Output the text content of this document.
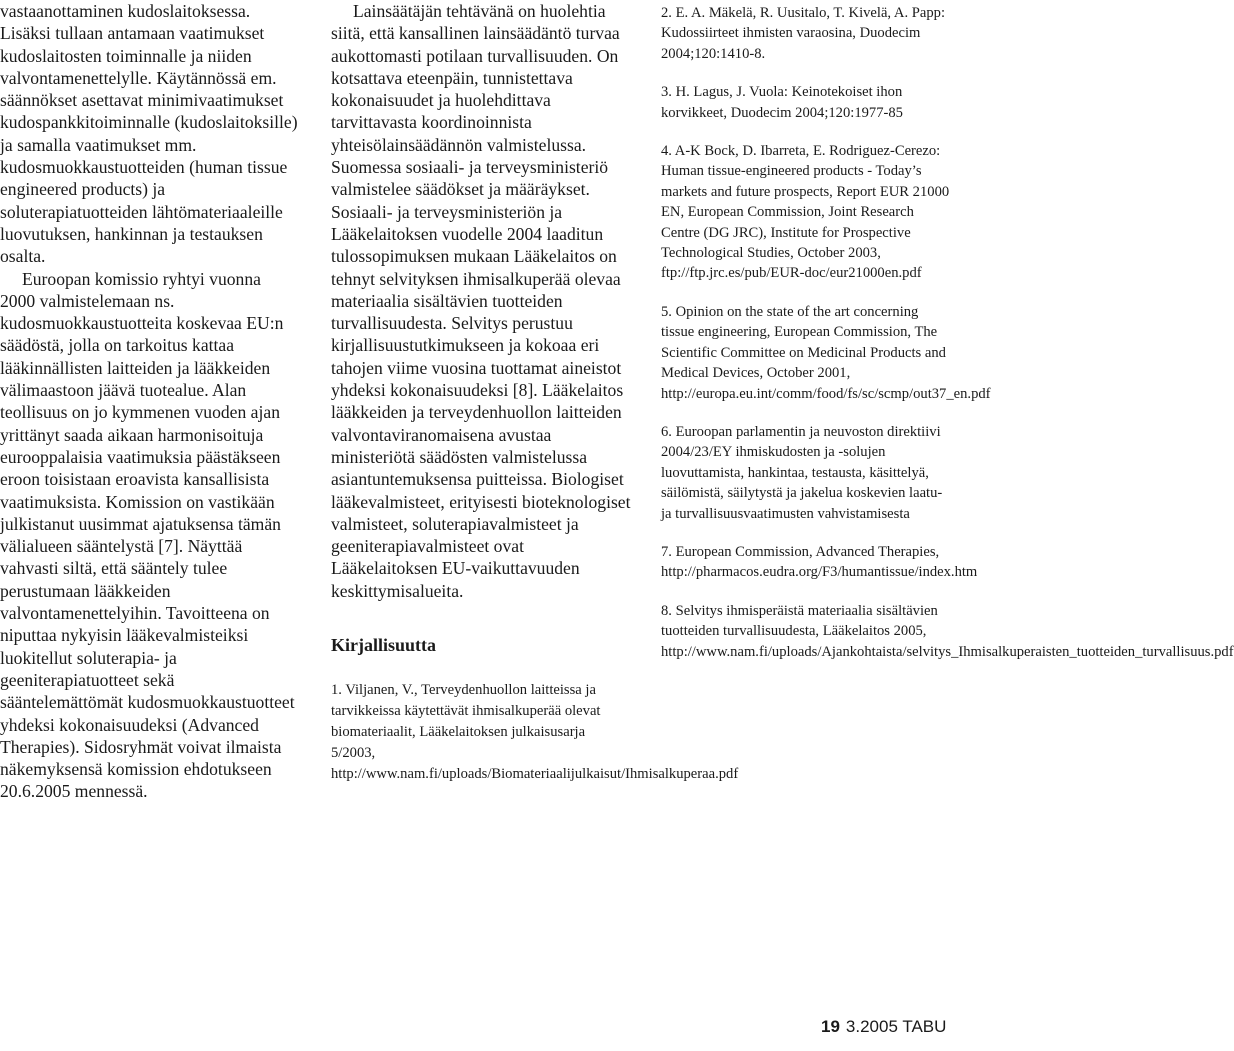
vastaanottaminen kudoslaitoksessa. Lisäksi tullaan antamaan vaatimukset kudoslaitosten toiminnalle ja niiden valvontamenettelylle. Käytännössä em. säännökset asettavat minimivaatimukset kudospankkitoiminnalle (kudoslaitoksille) ja samalla vaatimukset mm. kudosmuokkaustuotteiden (human tissue engineered products) ja soluterapiatuotteiden lähtömateriaaleille luovutuksen, hankinnan ja testauksen osalta.

Euroopan komissio ryhtyi vuonna 2000 valmistelemaan ns. kudosmuokkaustuotteita koskevaa EU:n säädöstä, jolla on tarkoitus kattaa lääkinnällisten laitteiden ja lääkkeiden välimaastoon jäävä tuotealue. Alan teollisuus on jo kymmenen vuoden ajan yrittänyt saada aikaan harmonisoituja eurooppalaisia vaatimuksia päästäkseen eroon toisistaan eroavista kansallisista vaatimuksista. Komission on vastikään julkistanut uusimmat ajatuksensa tämän välialueen sääntelystä [7]. Näyttää vahvasti siltä, että sääntely tulee perustumaan lääkkeiden valvontamenettelyihin. Tavoitteena on niputtaa nykyisin lääkevalmisteiksi luokitellut soluterapia- ja geeniterapiatuotteet sekä sääntelemättömät kudosmuokkaustuotteet yhdeksi kokonaisuudeksi (Advanced Therapies). Sidosryhmät voivat ilmaista näkemyksensä komission ehdotukseen 20.6.2005 mennessä.

Lainsäätäjän tehtävänä on huolehtia siitä, että kansallinen lainsäädäntö turvaa aukottomasti potilaan turvallisuuden. On kotsattava eteenpäin, tunnistettava kokonaisuudet ja huolehdittava tarvittavasta koordinoinnista yhteisölainsäädännön valmistelussa. Suomessa sosiaali- ja terveysministeriö valmistelee säädökset ja määräykset. Sosiaali- ja terveysministeriön ja Lääkelaitoksen vuodelle 2004 laaditun tulossopimuksen mukaan Lääkelaitos on tehnyt selvityksen ihmisalkuperää olevaa materiaalia sisältävien tuotteiden turvallisuudesta. Selvitys perustuu kirjallisuustutkimukseen ja kokoaa eri tahojen viime vuosina tuottamat aineistot yhdeksi kokonaisuudeksi [8]. Lääkelaitos lääkkeiden ja terveydenhuollon laitteiden valvontaviranomaisena avustaa ministeriötä säädösten valmistelussa asiantuntemuksensa puitteissa. Biologiset lääkevalmisteet, erityisesti bioteknologiset valmisteet, soluterapiavalmisteet ja geeniterapiavalmisteet ovat Lääkelaitoksen EU-vaikuttavuuden keskittymisalueita.

Kirjallisuutta

1. Viljanen, V., Terveydenhuollon laitteissa ja tarvikkeissa käytettävät ihmisalkuperää olevat biomateriaalit, Lääkelaitoksen julkaisusarja 5/2003, http://www.nam.fi/uploads/Biomateriaalijulkaisut/Ihmisalkuperaa.pdf

2. E. A. Mäkelä, R. Uusitalo, T. Kivelä, A. Papp: Kudossiirteet ihmisten varaosina, Duodecim 2004;120:1410-8.

3. H. Lagus, J. Vuola: Keinotekoiset ihon korvikkeet, Duodecim 2004;120:1977-85

4. A-K Bock, D. Ibarreta, E. Rodriguez-Cerezo: Human tissue-engineered products - Today’s markets and future prospects, Report EUR 21000 EN, European Commission, Joint Research Centre (DG JRC), Institute for Prospective Technological Studies, October 2003, ftp://ftp.jrc.es/pub/EUR-doc/eur21000en.pdf

5. Opinion on the state of the art concerning tissue engineering, European Commission, The Scientific Committee on Medicinal Products and Medical Devices, October 2001, http://europa.eu.int/comm/food/fs/sc/scmp/out37_en.pdf

6. Euroopan parlamentin ja neuvoston direktiivi 2004/23/EY ihmiskudosten ja -solujen luovuttamista, hankintaa, testausta, käsittelyä, säilömistä, säilytystä ja jakelua koskevien laatu- ja turvallisuusvaatimusten vahvistamisesta

7. European Commission, Advanced Therapies, http://pharmacos.eudra.org/F3/humantissue/index.htm

8. Selvitys ihmisperäistä materiaalia sisältävien tuotteiden turvallisuudesta, Lääkelaitos 2005, http://www.nam.fi/uploads/Ajankohtaista/selvitys_Ihmisalkuperaisten_tuotteiden_turvallisuus.pdf

19 3.2005 TABU
